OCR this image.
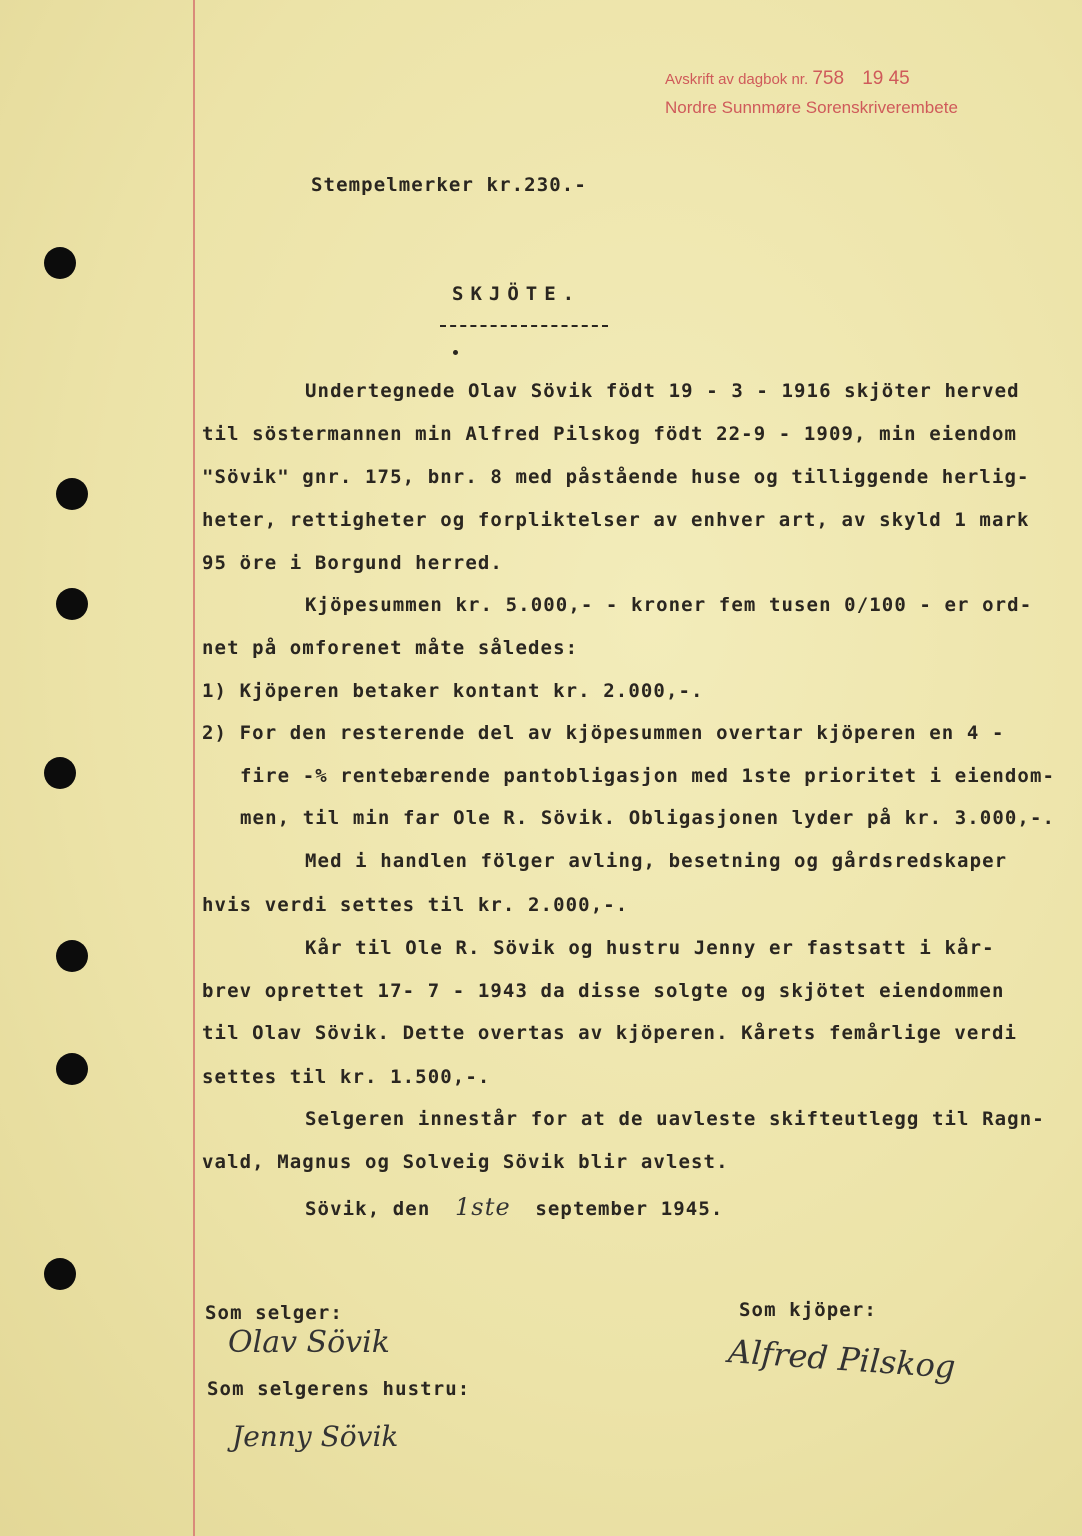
Avskrift av dagbok nr. 758 19 45
Nordre Sunnmøre Sorenskriverembete
Stempelmerker kr.230.-
SKJÖTE.
Undertegnede Olav Sövik födt 19 - 3 - 1916 skjöter herved
til söstermannen min Alfred Pilskog födt 22-9 - 1909, min eiendom
"Sövik" gnr. 175, bnr. 8 med påstående huse og tilliggende herlig-
heter, rettigheter og forpliktelser av enhver art, av skyld 1 mark
95 öre i Borgund herred.
Kjöpesummen kr. 5.000,- - kroner fem tusen 0/100 - er ord-
net på omforenet måte således:
1) Kjöperen betaker kontant kr. 2.000,-.
2) For den resterende del av kjöpesummen overtar kjöperen en 4 -
fire -% rentebærende pantobligasjon med 1ste prioritet i eiendom-
men, til min far Ole R. Sövik. Obligasjonen lyder på kr. 3.000,-.
Med i handlen fölger avling, besetning og gårdsredskaper
hvis verdi settes til kr. 2.000,-.
Kår til Ole R. Sövik og hustru Jenny er fastsatt i kår-
brev oprettet 17- 7 - 1943 da disse solgte og skjötet eiendommen
til Olav Sövik. Dette overtas av kjöperen. Kårets femårlige verdi
settes til kr. 1.500,-.
Selgeren innestår for at de uavleste skifteutlegg til Ragn-
vald, Magnus og Solveig Sövik blir avlest.
Sövik, den 1ste september 1945.
Som selger:
Olav Sövik
Som kjöper:
Alfred Pilskog
Som selgerens hustru:
Jenny Sövik
